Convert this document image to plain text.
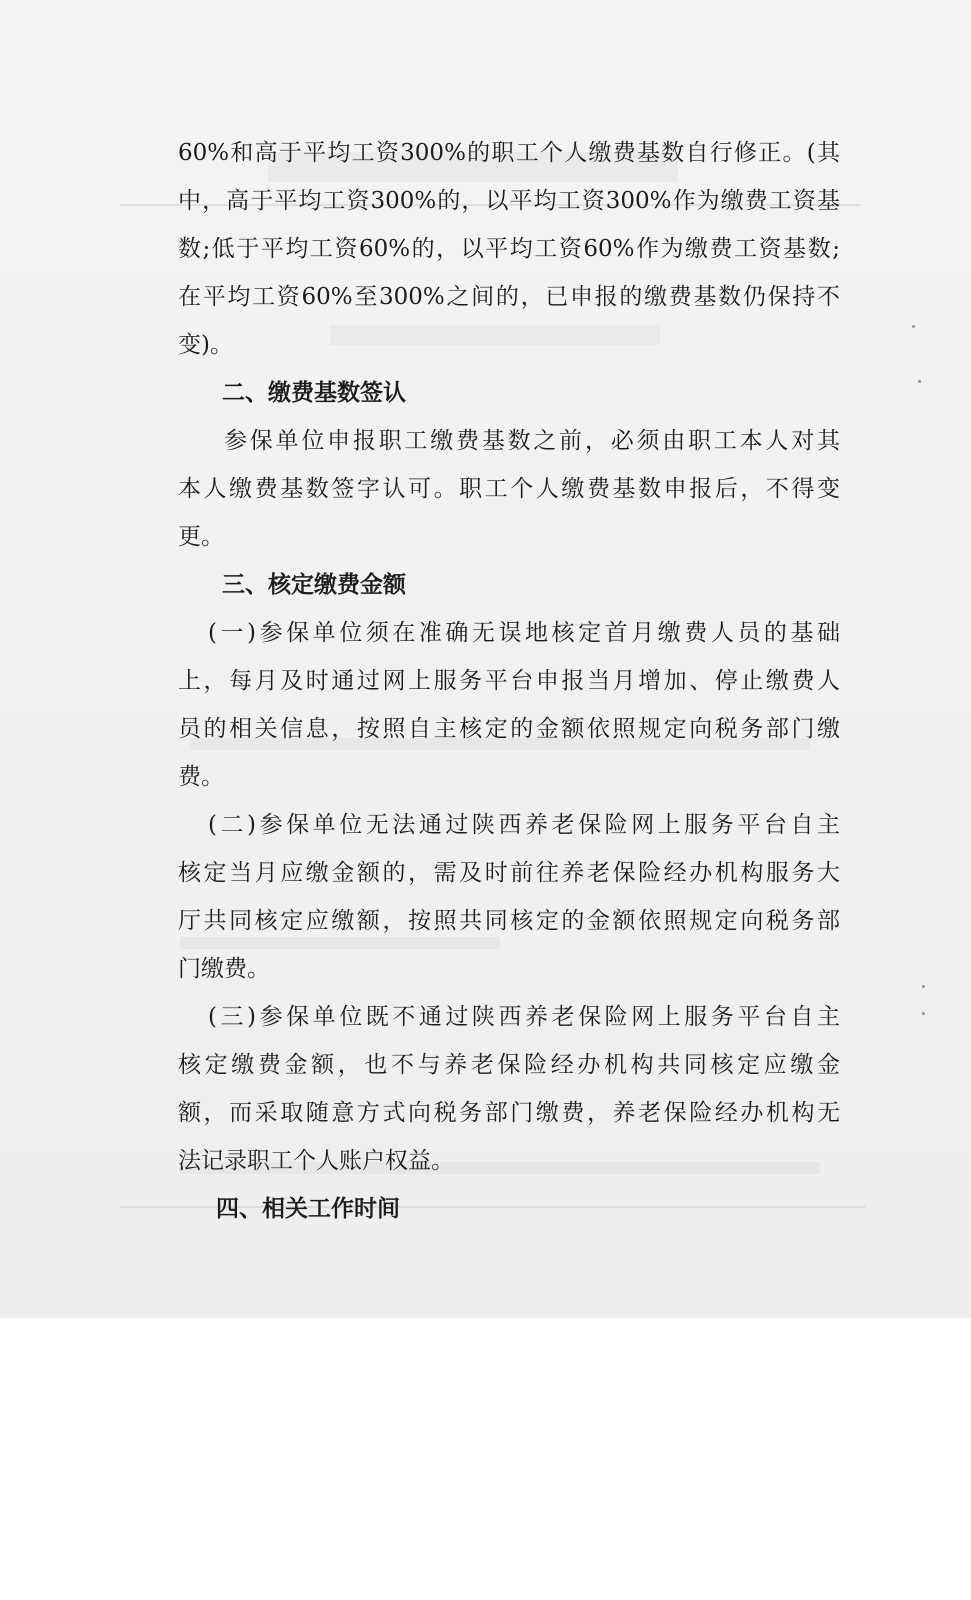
60%和高于平均工资300%的职工个人缴费基数自行修正。(其
中，高于平均工资300%的，以平均工资300%作为缴费工资基
数;低于平均工资60%的，以平均工资60%作为缴费工资基数;
在平均工资60%至300%之间的，已申报的缴费基数仍保持不
变)。
二、缴费基数签认
参保单位申报职工缴费基数之前，必须由职工本人对其
本人缴费基数签字认可。职工个人缴费基数申报后，不得变
更。
三、核定缴费金额
(一)参保单位须在准确无误地核定首月缴费人员的基础
上，每月及时通过网上服务平台申报当月增加、停止缴费人
员的相关信息，按照自主核定的金额依照规定向税务部门缴
费。
(二)参保单位无法通过陕西养老保险网上服务平台自主
核定当月应缴金额的，需及时前往养老保险经办机构服务大
厅共同核定应缴额，按照共同核定的金额依照规定向税务部
门缴费。
(三)参保单位既不通过陕西养老保险网上服务平台自主
核定缴费金额，也不与养老保险经办机构共同核定应缴金
额，而采取随意方式向税务部门缴费，养老保险经办机构无
法记录职工个人账户权益。
四、相关工作时间
